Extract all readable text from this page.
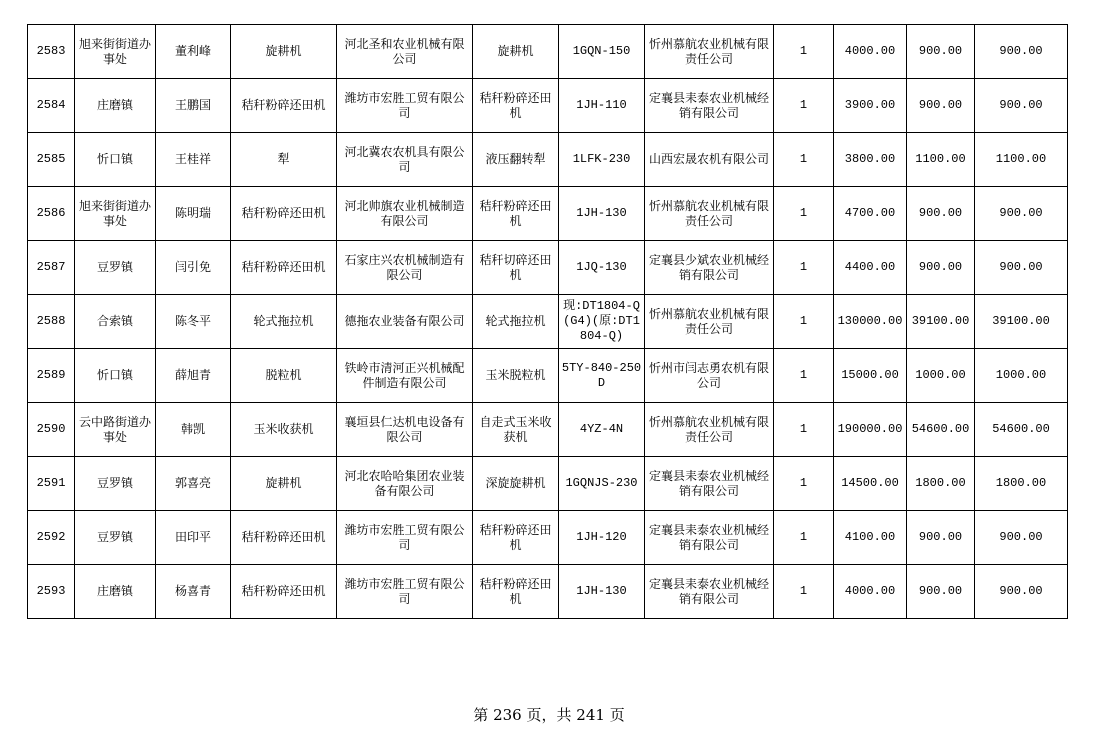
2583	旭来街街道办事处	董利峰	旋耕机	河北圣和农业机械有限公司	旋耕机	1GQN-150	忻州慕航农业机械有限责任公司	1	4000.00	900.00	900.00
2584	庄磨镇	王鹏国	秸秆粉碎还田机	潍坊市宏胜工贸有限公司	秸秆粉碎还田机	1JH-110	定襄县耒泰农业机械经销有限公司	1	3900.00	900.00	900.00
2585	忻口镇	王桂祥	犁	河北冀农农机具有限公司	液压翻转犁	1LFK-230	山西宏晟农机有限公司	1	3800.00	1100.00	1100.00
2586	旭来街街道办事处	陈明瑞	秸秆粉碎还田机	河北帅旗农业机械制造有限公司	秸秆粉碎还田机	1JH-130	忻州慕航农业机械有限责任公司	1	4700.00	900.00	900.00
2587	豆罗镇	闫引免	秸秆粉碎还田机	石家庄兴农机械制造有限公司	秸秆切碎还田机	1JQ-130	定襄县少斌农业机械经销有限公司	1	4400.00	900.00	900.00
2588	合索镇	陈冬平	轮式拖拉机	德拖农业装备有限公司	轮式拖拉机	现:DT1804-Q(G4)(原:DT1804-Q)	忻州慕航农业机械有限责任公司	1	130000.00	39100.00	39100.00
2589	忻口镇	薛旭青	脱粒机	铁岭市清河正兴机械配件制造有限公司	玉米脱粒机	5TY-840-250D	忻州市闫志勇农机有限公司	1	15000.00	1000.00	1000.00
2590	云中路街道办事处	韩凯	玉米收获机	襄垣县仁达机电设备有限公司	自走式玉米收获机	4YZ-4N	忻州慕航农业机械有限责任公司	1	190000.00	54600.00	54600.00
2591	豆罗镇	郭喜亮	旋耕机	河北农哈哈集团农业装备有限公司	深旋旋耕机	1GQNJS-230	定襄县耒泰农业机械经销有限公司	1	14500.00	1800.00	1800.00
2592	豆罗镇	田印平	秸秆粉碎还田机	潍坊市宏胜工贸有限公司	秸秆粉碎还田机	1JH-120	定襄县耒泰农业机械经销有限公司	1	4100.00	900.00	900.00
2593	庄磨镇	杨喜青	秸秆粉碎还田机	潍坊市宏胜工贸有限公司	秸秆粉碎还田机	1JH-130	定襄县耒泰农业机械经销有限公司	1	4000.00	900.00	900.00
第 236 页，共 241 页
